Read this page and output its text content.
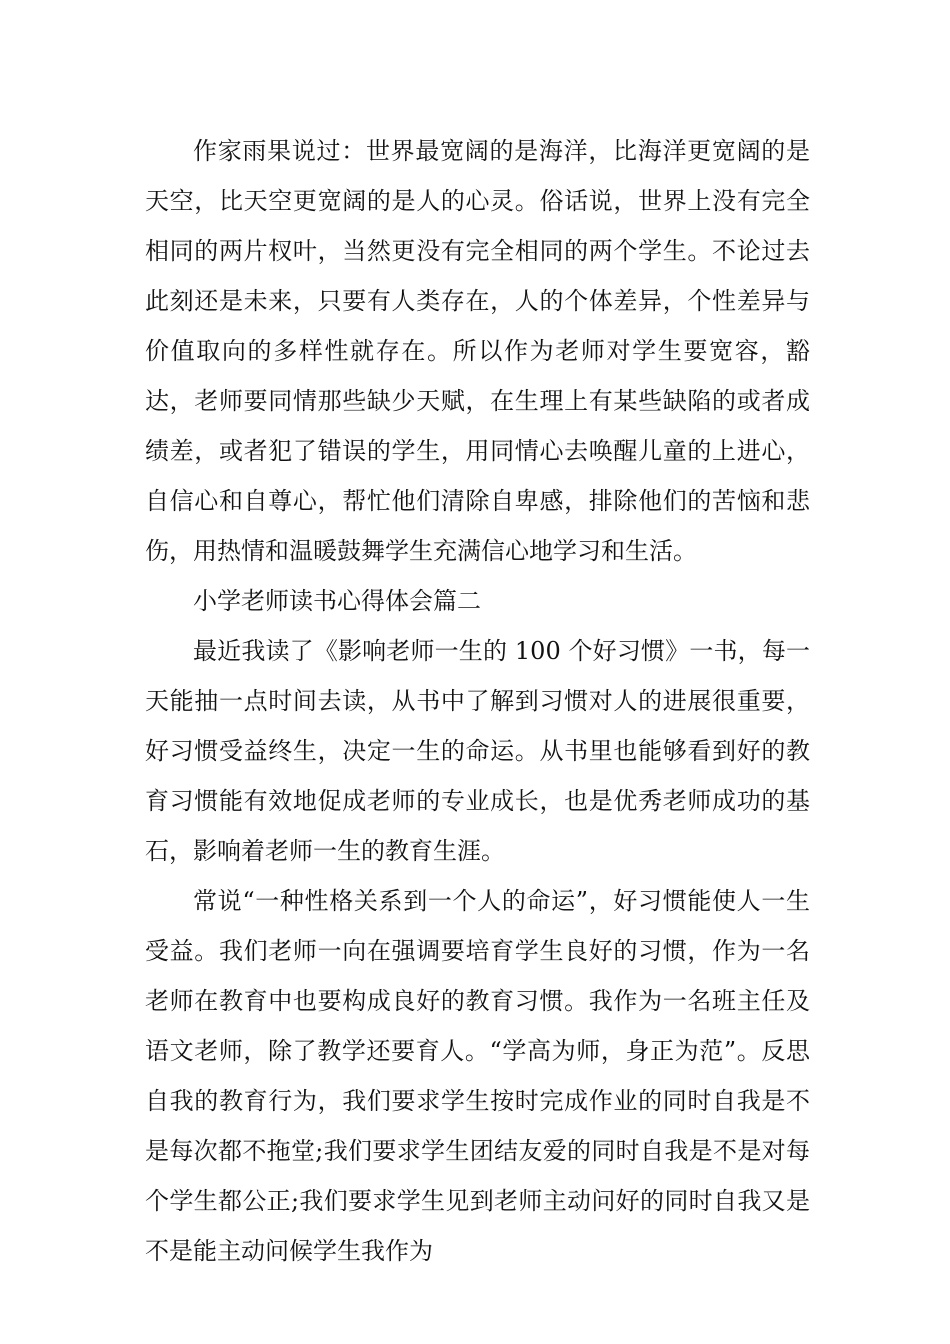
作家雨果说过：世界最宽阔的是海洋，比海洋更宽阔的是天空，比天空更宽阔的是人的心灵。俗话说，世界上没有完全相同的两片杈叶，当然更没有完全相同的两个学生。不论过去此刻还是未来，只要有人类存在，人的个体差异，个性差异与价值取向的多样性就存在。所以作为老师对学生要宽容，豁达，老师要同情那些缺少天赋，在生理上有某些缺陷的或者成绩差，或者犯了错误的学生，用同情心去唤醒儿童的上进心，自信心和自尊心，帮忙他们清除自卑感，排除他们的苦恼和悲伤，用热情和温暖鼓舞学生充满信心地学习和生活。

小学老师读书心得体会篇二

最近我读了《影响老师一生的 100 个好习惯》一书，每一天能抽一点时间去读，从书中了解到习惯对人的进展很重要，好习惯受益终生，决定一生的命运。从书里也能够看到好的教育习惯能有效地促成老师的专业成长，也是优秀老师成功的基石，影响着老师一生的教育生涯。

常说“一种性格关系到一个人的命运”，好习惯能使人一生受益。我们老师一向在强调要培育学生良好的习惯，作为一名老师在教育中也要构成良好的教育习惯。我作为一名班主任及语文老师，除了教学还要育人。“学高为师，身正为范”。反思自我的教育行为，我们要求学生按时完成作业的同时自我是不是每次都不拖堂;我们要求学生团结友爱的同时自我是不是对每个学生都公正;我们要求学生见到老师主动问好的同时自我又是不是能主动问候学生我作为
